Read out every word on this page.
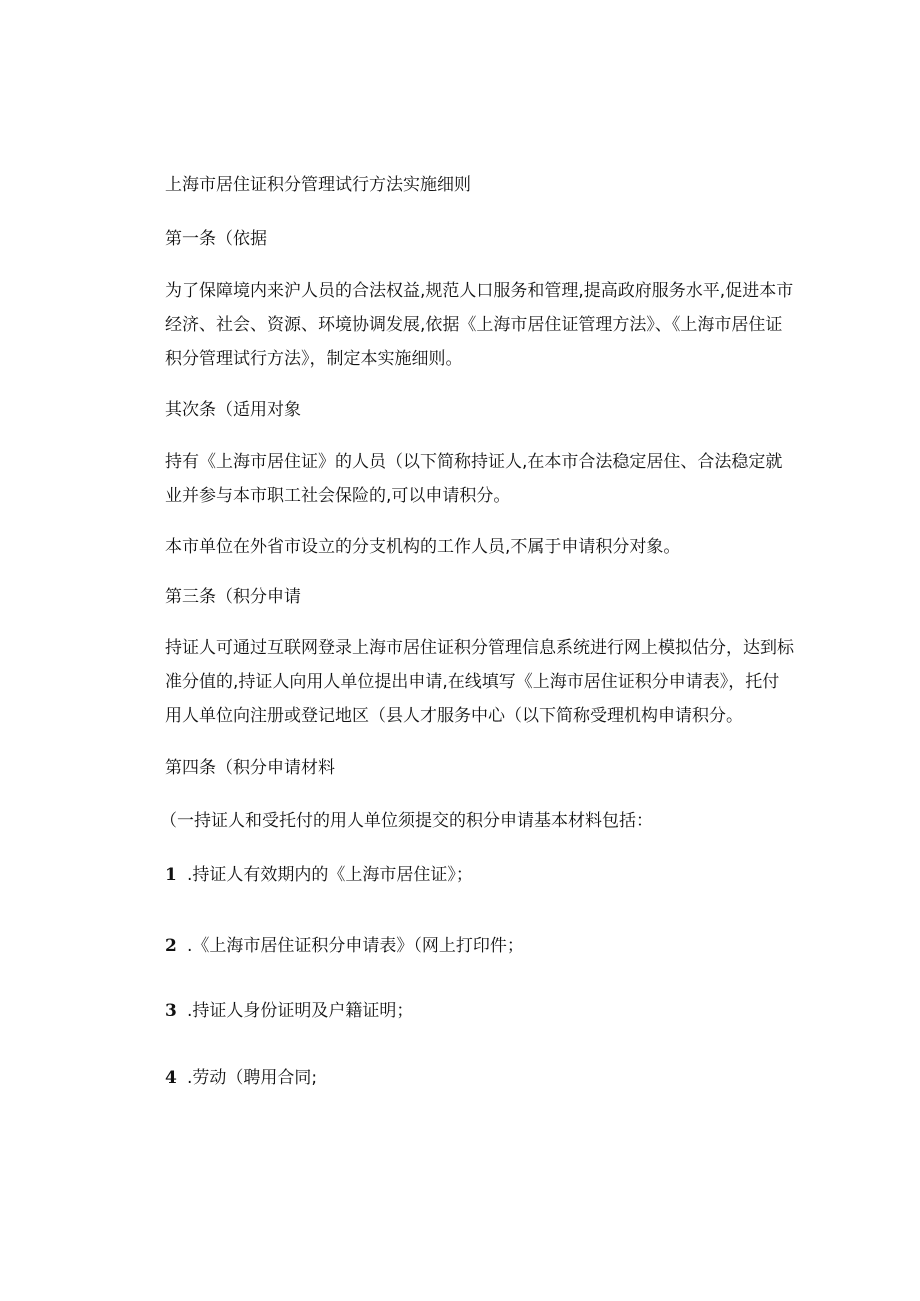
上海市居住证积分管理试行方法实施细则
第一条（依据
为了保障境内来沪人员的合法权益,规范人口服务和管理,提高政府服务水平,促进本市经济、社会、资源、环境协调发展,依据《上海市居住证管理方法》、《上海市居住证积分管理试行方法》，制定本实施细则。
其次条（适用对象
持有《上海市居住证》的人员（以下简称持证人,在本市合法稳定居住、合法稳定就业并参与本市职工社会保险的,可以申请积分。
本市单位在外省市设立的分支机构的工作人员,不属于申请积分对象。
第三条（积分申请
持证人可通过互联网登录上海市居住证积分管理信息系统进行网上模拟估分，达到标准分值的,持证人向用人单位提出申请,在线填写《上海市居住证积分申请表》，托付用人单位向注册或登记地区（县人才服务中心（以下简称受理机构申请积分。
第四条（积分申请材料
（一持证人和受托付的用人单位须提交的积分申请基本材料包括：
1 .持证人有效期内的《上海市居住证》；
2 .《上海市居住证积分申请表》（网上打印件；
3 .持证人身份证明及户籍证明；
4 .劳动（聘用合同;
